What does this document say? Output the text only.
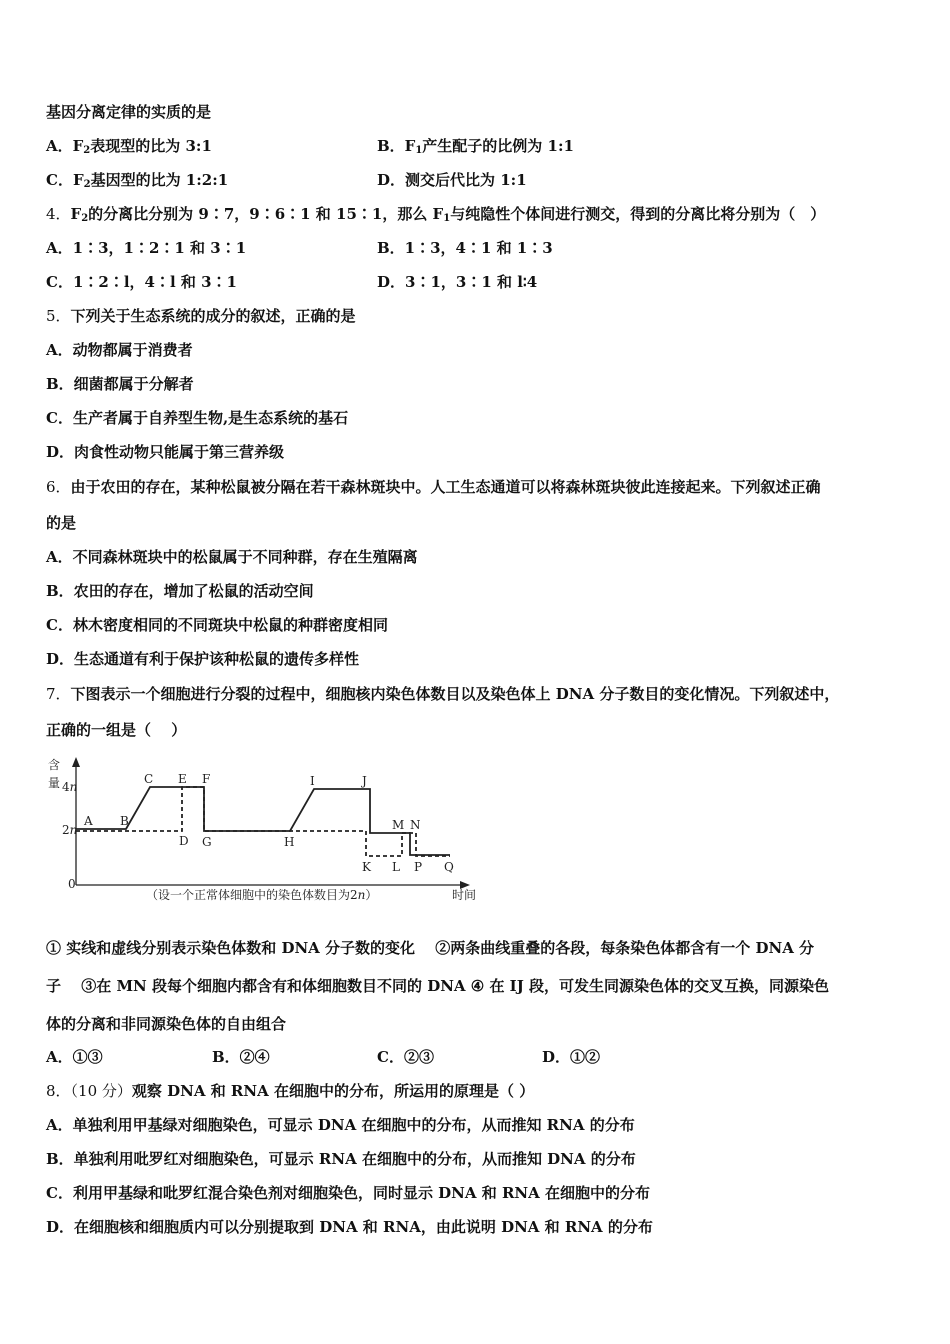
基因分离定律的实质的是
A．$F_2$表现型的比为 3:1	B．$F_1$产生配子的比例为 1:1
C．$F_2$基因型的比为 1:2:1	D．测交后代比为 1:1
4．$F_2$的分离比分别为 9∶7，9∶6∶1 和 15∶1，那么 $F_1$与纯隐性个体间进行测交，得到的分离比将分别为（　）
A．1∶3，1∶2∶1 和 3∶1	B．1∶3，4∶1 和 1∶3
C．1∶2∶l，4∶l 和 3∶1	D．3∶1，3∶1 和 l∶4
5．下列关于生态系统的成分的叙述，正确的是
A．动物都属于消费者
B．细菌都属于分解者
C．生产者属于自养型生物,是生态系统的基石
D．肉食性动物只能属于第三营养级
6．由于农田的存在，某种松鼠被分隔在若干森林斑块中。人工生态通道可以将森林斑块彼此连接起来。下列叙述正确
的是
A．不同森林斑块中的松鼠属于不同种群，存在生殖隔离
B．农田的存在，增加了松鼠的活动空间
C．林木密度相同的不同斑块中松鼠的种群密度相同
D．生态通道有利于保护该种松鼠的遗传多样性
7．下图表示一个细胞进行分裂的过程中，细胞核内染色体数目以及染色体上 DNA 分子数目的变化情况。下列叙述中，
正确的一组是（　 ）
含
量 4n
2n
0
A B
C
D
E F
G	H
I	J
K L
M N
P Q
（设一个正常体细胞中的染色体数目为2n）	时间
① 实线和虚线分别表示染色体数和 DNA 分子数的变化　 ②两条曲线重叠的各段，每条染色体都含有一个 DNA 分
子　 ③在 MN 段每个细胞内都含有和体细胞数目不同的 DNA ④ 在 IJ 段，可发生同源染色体的交叉互换，同源染色
体的分离和非同源染色体的自由组合
A．①③	B．②④	C．②③	D．①②
8．（10 分）观察 DNA 和 RNA 在细胞中的分布，所运用的原理是（ ）
A．单独利用甲基绿对细胞染色，可显示 DNA 在细胞中的分布，从而推知 RNA 的分布
B．单独利用吡罗红对细胞染色，可显示 RNA 在细胞中的分布，从而推知 DNA 的分布
C．利用甲基绿和吡罗红混合染色剂对细胞染色，同时显示 DNA 和 RNA 在细胞中的分布
D．在细胞核和细胞质内可以分别提取到 DNA 和 RNA，由此说明 DNA 和 RNA 的分布
